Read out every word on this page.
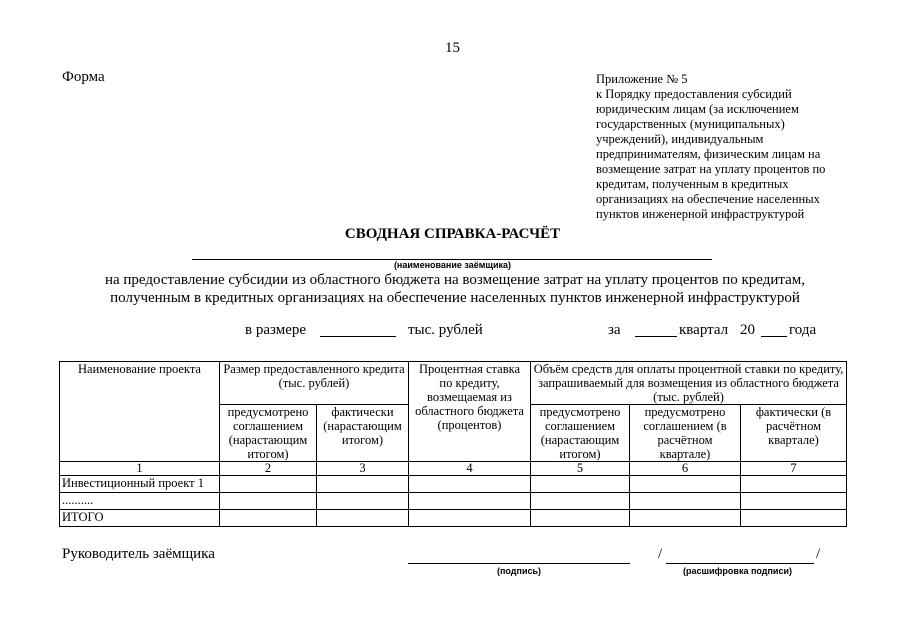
15
Форма	Приложение № 5
к Порядку предоставления субсидий
юридическим лицам (за исключением
государственных (муниципальных)
учреждений), индивидуальным
предпринимателям, физическим лицам на
возмещение затрат на уплату процентов по
кредитам, полученным в кредитных
организациях на обеспечение населенных
пунктов инженерной инфраструктурой
СВОДНАЯ СПРАВКА-РАСЧЁТ
(наименование заёмщика)
на предоставление субсидии из областного бюджета на возмещение затрат на уплату процентов по кредитам,
полученным в кредитных организациях на обеспечение населенных пунктов инженерной инфраструктурой
в размере	тыс. рублей	за	квартал 20 года
Наименование проекта	Размер предоставленного кредита (тыс. рублей)		Процентная ставка по кредиту, возмещаемая из областного бюджета (процентов)	Объём средств для оплаты процентной ставки по кредиту, запрашиваемый для возмещения из областного бюджета (тыс. рублей)		
	предусмотрено соглашением (нарастающим итогом)	фактически (нарастающим итогом)		предусмотрено соглашением (нарастающим итогом)	предусмотрено соглашением (в расчётном квартале)	фактически (в расчётном квартале)
1	2	3	4	5	6	7
Инвестиционный проект 1						
..........						
ИТОГО						
Руководитель заёмщика
(подпись)
/	/
(расшифровка подписи)
